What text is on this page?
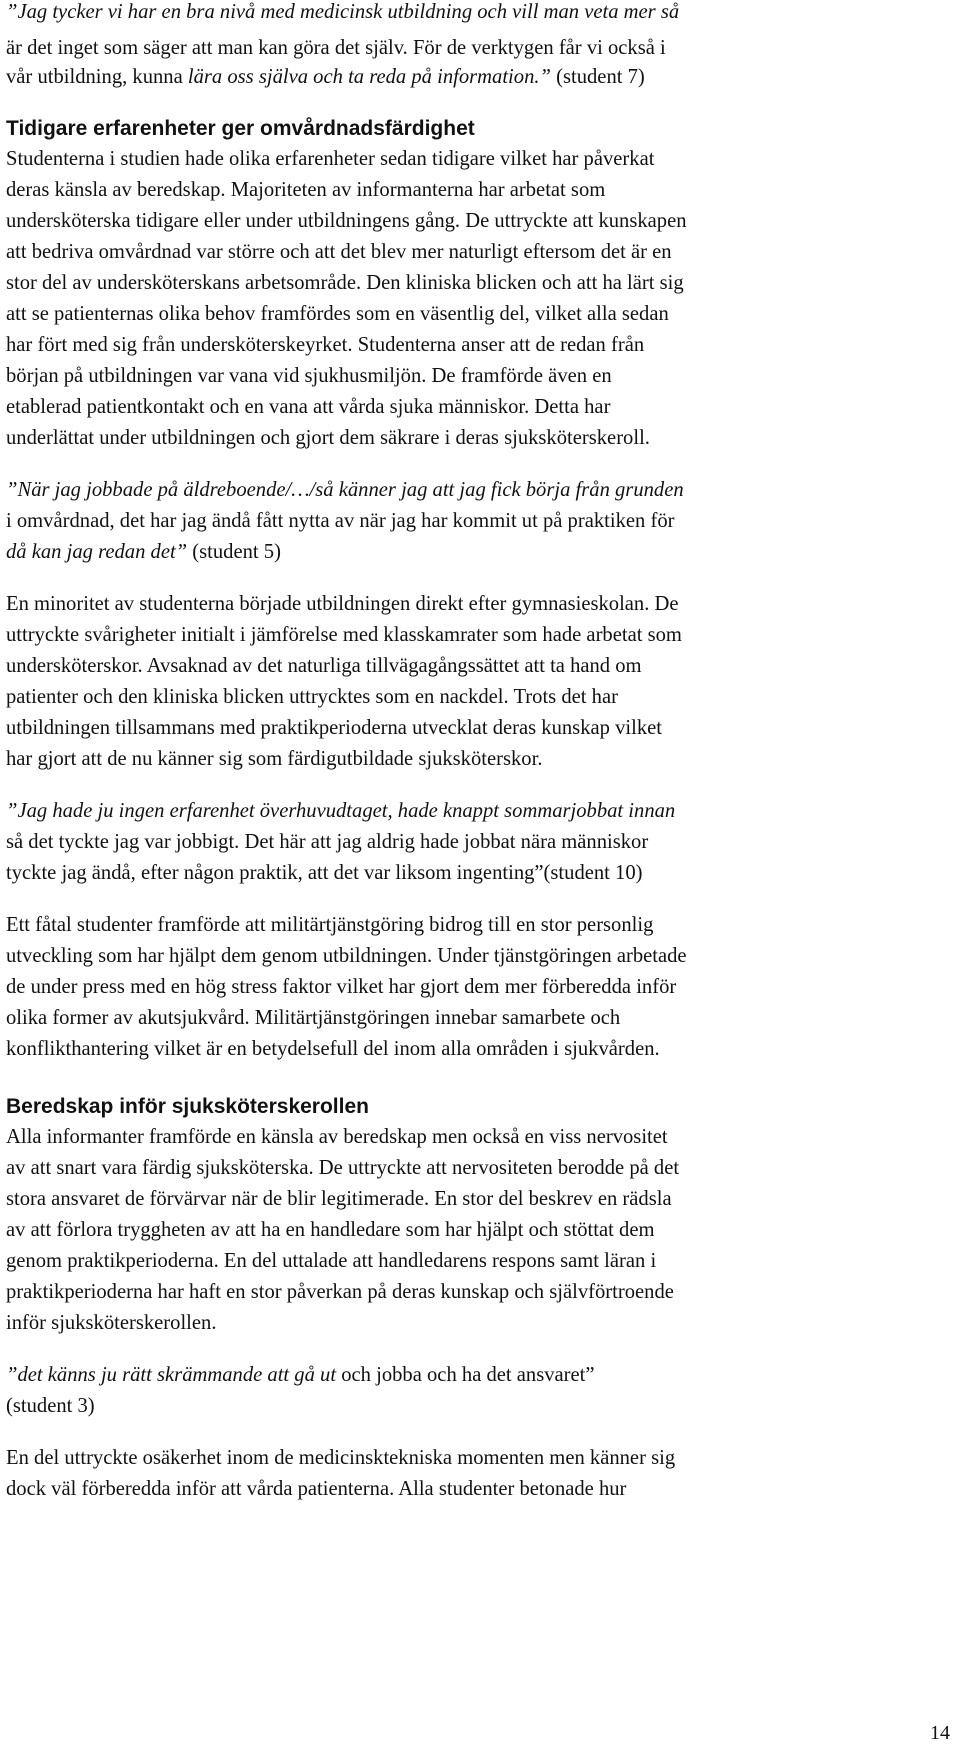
”Jag tycker vi har en bra nivå med medicinsk utbildning och vill man veta mer så
är det inget som säger att man kan göra det själv. För de verktygen får vi också i
vår utbildning, kunna lära oss själva och ta reda på information.” (student 7)
Tidigare erfarenheter ger omvårdnadsfärdighet
Studenterna i studien hade olika erfarenheter sedan tidigare vilket har påverkat
deras känsla av beredskap. Majoriteten av informanterna har arbetat som
undersköterska tidigare eller under utbildningens gång. De uttryckte att kunskapen
att bedriva omvårdnad var större och att det blev mer naturligt eftersom det är en
stor del av undersköterskans arbetsområde. Den kliniska blicken och att ha lärt sig
att se patienternas olika behov framfördes som en väsentlig del, vilket alla sedan
har fört med sig från undersköterskeyrket. Studenterna anser att de redan från
början på utbildningen var vana vid sjukhusmiljön. De framförde även en
etablerad patientkontakt och en vana att vårda sjuka människor. Detta har
underlättat under utbildningen och gjort dem säkrare i deras sjuksköterskeroll.
”När jag jobbade på äldreboende/…/så känner jag att jag fick börja från grunden
i omvårdnad, det har jag ändå fått nytta av när jag har kommit ut på praktiken för
då kan jag redan det” (student 5)
En minoritet av studenterna började utbildningen direkt efter gymnasieskolan. De
uttryckte svårigheter initialt i jämförelse med klasskamrater som hade arbetat som
undersköterskor. Avsaknad av det naturliga tillvägagångssättet att ta hand om
patienter och den kliniska blicken uttrycktes som en nackdel. Trots det har
utbildningen tillsammans med praktikperioderna utvecklat deras kunskap vilket
har gjort att de nu känner sig som färdigutbildade sjuksköterskor.
”Jag hade ju ingen erfarenhet överhuvudtaget, hade knappt sommarjobbat innan
så det tyckte jag var jobbigt. Det här att jag aldrig hade jobbat nära människor
tyckte jag ändå, efter någon praktik, att det var liksom ingenting”(student 10)
Ett fåtal studenter framförde att militärtjänstgöring bidrog till en stor personlig
utveckling som har hjälpt dem genom utbildningen. Under tjänstgöringen arbetade
de under press med en hög stress faktor vilket har gjort dem mer förberedda inför
olika former av akutsjukvård. Militärtjänstgöringen innebar samarbete och
konflikthantering vilket är en betydelsefull del inom alla områden i sjukvården.
Beredskap inför sjuksköterskerollen
Alla informanter framförde en känsla av beredskap men också en viss nervositet
av att snart vara färdig sjuksköterska. De uttryckte att nervositeten berodde på det
stora ansvaret de förvärvar när de blir legitimerade. En stor del beskrev en rädsla
av att förlora tryggheten av att ha en handledare som har hjälpt och stöttat dem
genom praktikperioderna. En del uttalade att handledarens respons samt läran i
praktikperioderna har haft en stor påverkan på deras kunskap och självförtroende
inför sjuksköterskerollen.
”det känns ju rätt skrämmande att gå ut och jobba och ha det ansvaret”
(student 3)
En del uttryckte osäkerhet inom de medicinsktekniska momenten men känner sig
dock väl förberedda inför att vårda patienterna. Alla studenter betonade hur
14
